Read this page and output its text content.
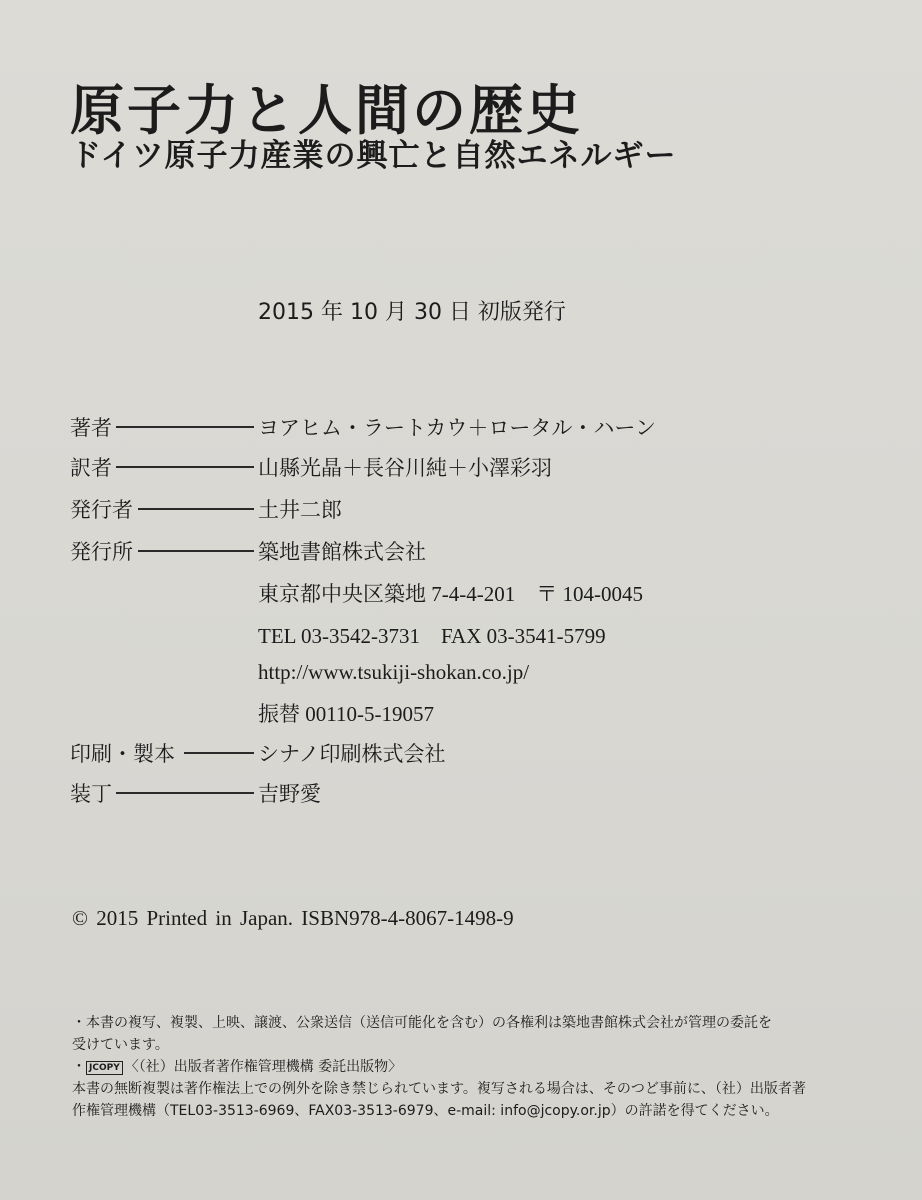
原子力と人間の歴史
ドイツ原子力産業の興亡と自然エネルギー
2015 年 10 月 30 日 初版発行
著者	ヨアヒム・ラートカウ＋ロータル・ハーン
訳者	山縣光晶＋長谷川純＋小澤彩羽
発行者	土井二郎
発行所	築地書館株式会社
東京都中央区築地 7-4-4-201　〒 104-0045
TEL 03-3542-3731　FAX 03-3541-5799
http://www.tsukiji-shokan.co.jp/
振替 00110-5-19057
印刷・製本	シナノ印刷株式会社
装丁	吉野愛
© 2015 Printed in Japan. ISBN978-4-8067-1498-9
・本書の複写、複製、上映、譲渡、公衆送信（送信可能化を含む）の各権利は築地書館株式会社が管理の委託を
受けています。
・ JCOPY 〈（社）出版者著作権管理機構 委託出版物〉
本書の無断複製は著作権法上での例外を除き禁じられています。複写される場合は、そのつど事前に、（社）出版者著
作権管理機構（TEL03-3513-6969、FAX03-3513-6979、e-mail: info@jcopy.or.jp）の許諾を得てください。
